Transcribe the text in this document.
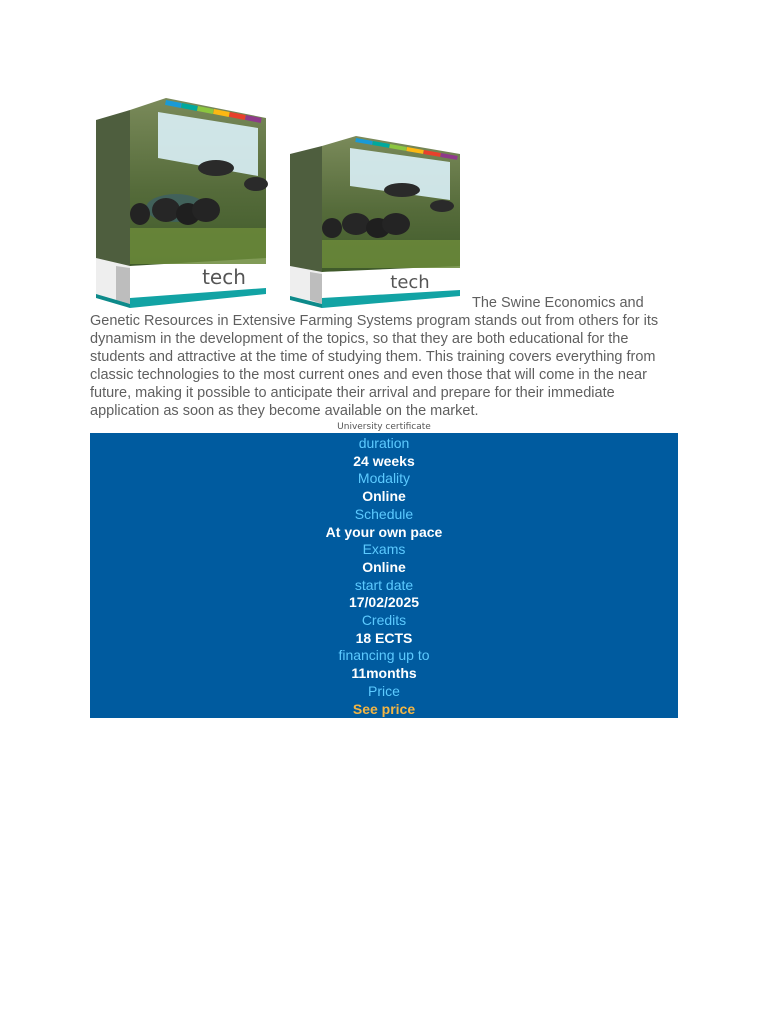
tech	tech
The Swine Economics and Genetic Resources in Extensive Farming Systems program stands out from others for its dynamism in the development of the topics, so that they are both educational for the students and attractive at the time of studying them. This training covers everything from classic technologies to the most current ones and even those that will come in the near future, making it possible to anticipate their arrival and prepare for their immediate application as soon as they become available on the market.

University certificate
duration
24 weeks
Modality
Online
Schedule
At your own pace
Exams
Online
start date
17/02/2025
Credits
18 ECTS
financing up to
11months
Price
See price
